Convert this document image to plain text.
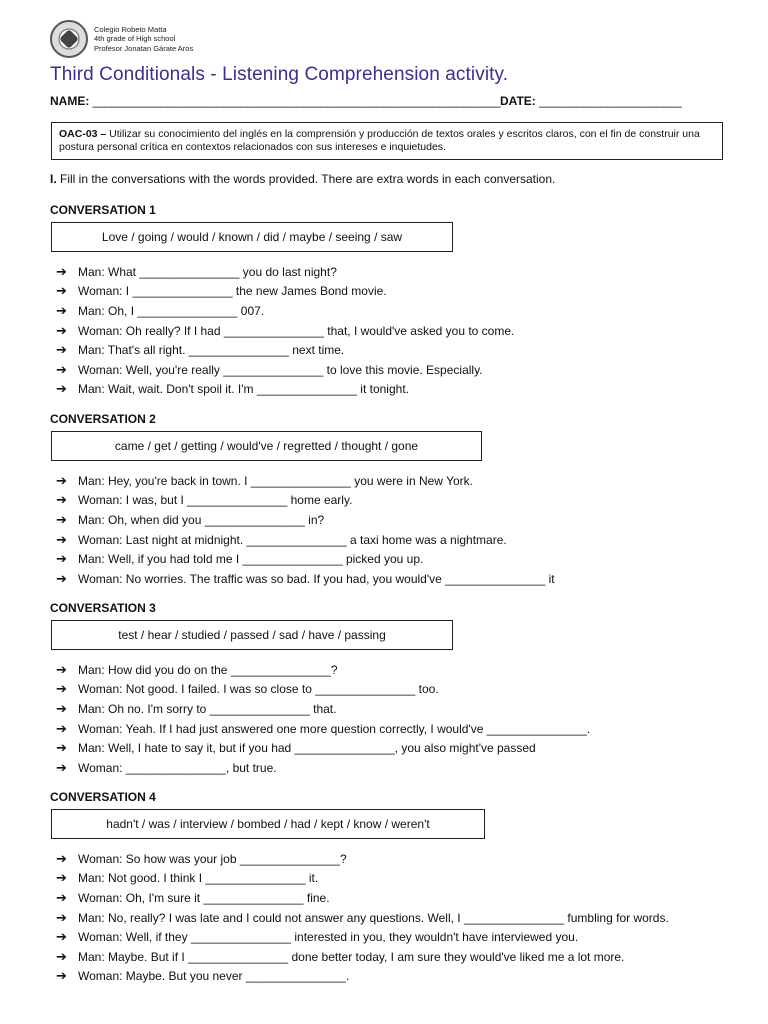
Colegio Robeto Matta
4th grade of High school
Profesor Jonatan Gárate Aros
Third Conditionals - Listening Comprehension activity.
NAME: __________________________________________________________________ DATE: _______________________
OAC-03 – Utilizar su conocimiento del inglés en la comprensión y producción de textos orales y escritos claros, con el fin de construir una postura personal crítica en contextos relacionados con sus intereses e inquietudes.
I. Fill in the conversations with the words provided. There are extra words in each conversation.
CONVERSATION 1
Love / going / would / known / did / maybe / seeing / saw
➔ Man: What _______________ you do last night?
➔ Woman: I _______________ the new James Bond movie.
➔ Man: Oh, I _______________ 007.
➔ Woman: Oh really? If I had _______________ that, I would've asked you to come.
➔ Man: That's all right. _______________ next time.
➔ Woman: Well, you're really _______________ to love this movie. Especially.
➔ Man: Wait, wait. Don't spoil it. I'm _______________ it tonight.
CONVERSATION 2
came / get / getting / would've / regretted / thought / gone
➔ Man: Hey, you're back in town. I _______________ you were in New York.
➔ Woman: I was, but I _______________ home early.
➔ Man: Oh, when did you _______________ in?
➔ Woman: Last night at midnight. _______________ a taxi home was a nightmare.
➔ Man: Well, if you had told me I _______________ picked you up.
➔ Woman: No worries. The traffic was so bad. If you had, you would've _______________ it
CONVERSATION 3
test / hear / studied / passed / sad / have / passing
➔ Man: How did you do on the _______________?
➔ Woman: Not good. I failed. I was so close to _______________ too.
➔ Man: Oh no. I'm sorry to _______________ that.
➔ Woman: Yeah. If I had just answered one more question correctly, I would've _______________.
➔ Man: Well, I hate to say it, but if you had _______________, you also might've passed
➔ Woman: _______________, but true.
CONVERSATION 4
hadn't / was / interview / bombed / had / kept / know / weren't
➔ Woman: So how was your job _______________?
➔ Man: Not good. I think I _______________ it.
➔ Woman: Oh, I'm sure it _______________ fine.
➔ Man: No, really? I was late and I could not answer any questions. Well, I _______________ fumbling for words.
➔ Woman: Well, if they _______________ interested in you, they wouldn't have interviewed you.
➔ Man: Maybe. But if I _______________ done better today, I am sure they would've liked me a lot more.
➔ Woman: Maybe. But you never _______________.
